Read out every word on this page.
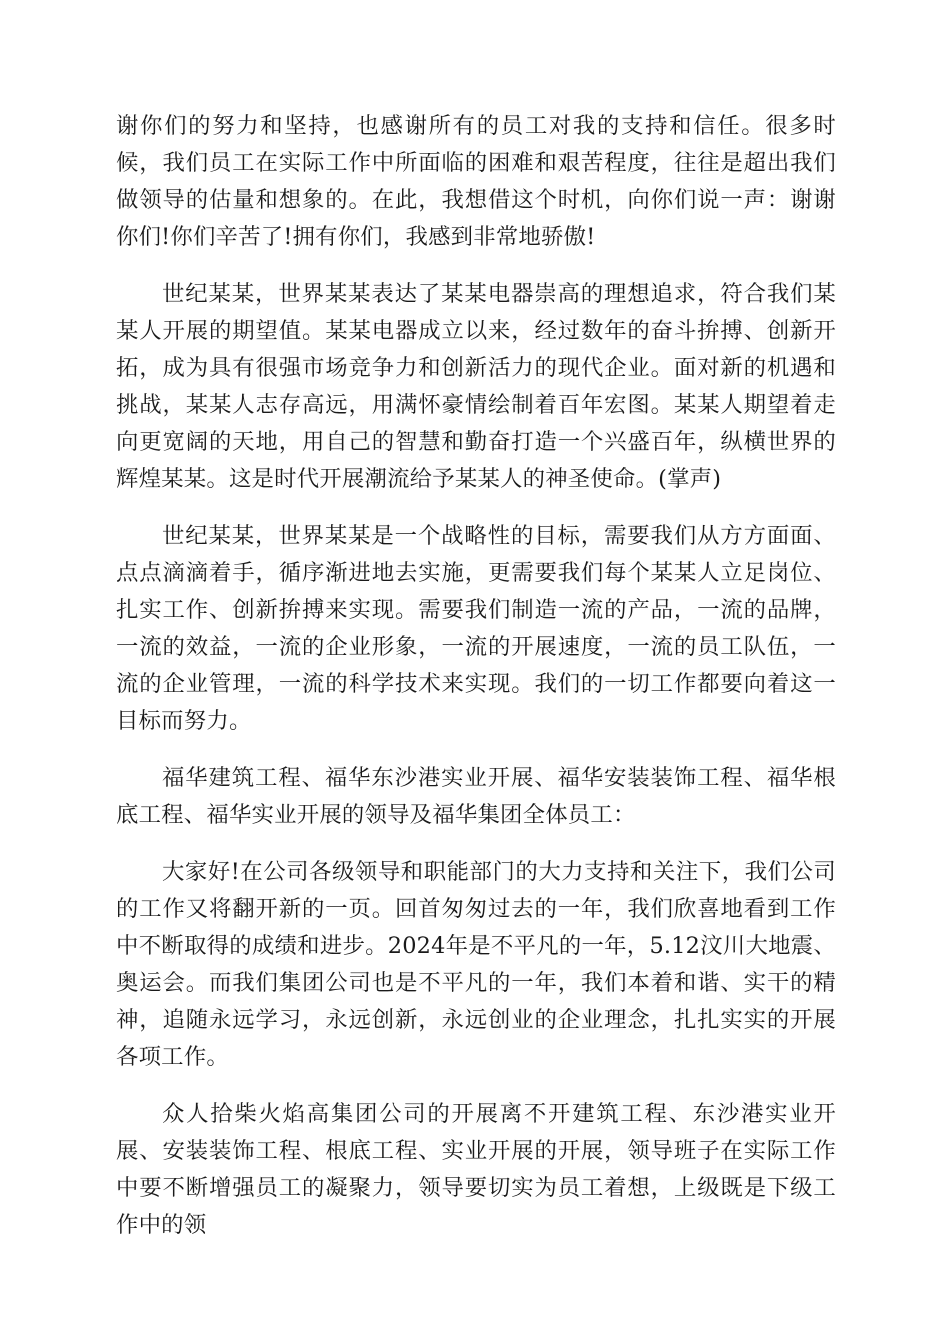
谢你们的努力和坚持，也感谢所有的员工对我的支持和信任。很多时候，我们员工在实际工作中所面临的困难和艰苦程度，往往是超出我们做领导的估量和想象的。在此，我想借这个时机，向你们说一声：谢谢你们!你们辛苦了!拥有你们，我感到非常地骄傲!

世纪某某，世界某某表达了某某电器崇高的理想追求，符合我们某某人开展的期望值。某某电器成立以来，经过数年的奋斗拚搏、创新开拓，成为具有很强市场竞争力和创新活力的现代企业。面对新的机遇和挑战，某某人志存高远，用满怀豪情绘制着百年宏图。某某人期望着走向更宽阔的天地，用自己的智慧和勤奋打造一个兴盛百年，纵横世界的辉煌某某。这是时代开展潮流给予某某人的神圣使命。(掌声)

世纪某某，世界某某是一个战略性的目标，需要我们从方方面面、点点滴滴着手，循序渐进地去实施，更需要我们每个某某人立足岗位、扎实工作、创新拚搏来实现。需要我们制造一流的产品，一流的品牌，一流的效益，一流的企业形象，一流的开展速度，一流的员工队伍，一流的企业管理，一流的科学技术来实现。我们的一切工作都要向着这一目标而努力。

福华建筑工程、福华东沙港实业开展、福华安装装饰工程、福华根底工程、福华实业开展的领导及福华集团全体员工：

大家好!在公司各级领导和职能部门的大力支持和关注下，我们公司的工作又将翻开新的一页。回首匆匆过去的一年，我们欣喜地看到工作中不断取得的成绩和进步。2024年是不平凡的一年，5.12汶川大地震、奥运会。而我们集团公司也是不平凡的一年，我们本着和谐、实干的精神，追随永远学习，永远创新，永远创业的企业理念，扎扎实实的开展各项工作。

众人拾柴火焰高集团公司的开展离不开建筑工程、东沙港实业开展、安装装饰工程、根底工程、实业开展的开展，领导班子在实际工作中要不断增强员工的凝聚力，领导要切实为员工着想，上级既是下级工作中的领
